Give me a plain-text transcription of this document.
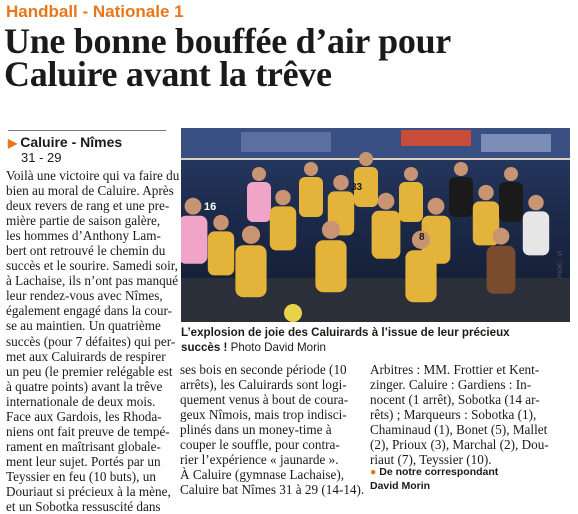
Handball - Nationale 1
Une bonne bouffée d’air pour
Caluire avant la trêve
▶ Caluire - Nîmes
31 - 29
Voilà une victoire qui va faire du
bien au moral de Caluire. Après
deux revers de rang et une pre-
mière partie de saison galère,
les hommes d’Anthony Lam-
bert ont retrouvé le chemin du
succès et le sourire. Samedi soir,
à Lachaise, ils n’ont pas manqué
leur rendez-vous avec Nîmes,
également engagé dans la cour-
se au maintien. Un quatrième
succès (pour 7 défaites) qui per-
met aux Caluirards de respirer
un peu (le premier relégable est
à quatre points) avant la trêve
internationale de deux mois.
Face aux Gardois, les Rhoda-
niens ont fait preuve de tempé-
rament en maîtrisant globale-
ment leur sujet. Portés par un
Teyssier en feu (10 buts), un
Douriaut si précieux à la mène,
et un Sobotka ressuscité dans
16
33
8
RIOKI - VI
L’explosion de joie des Caluirards à l’issue de leur précieux
succès ! Photo David Morin
ses bois en seconde période (10
arrêts), les Caluirards sont logi-
quement venus à bout de coura-
geux Nîmois, mais trop indisci-
plinés dans un money-time à
couper le souffle, pour contra-
rier l’expérience « jaunarde ».
À Caluire (gymnase Lachaise),
Caluire bat Nîmes 31 à 29 (14-14).
Arbitres : MM. Frottier et Kent-
zinger. Caluire : Gardiens : In-
nocent (1 arrêt), Sobotka (14 ar-
rêts) ; Marqueurs : Sobotka (1),
Chaminaud (1), Bonet (5), Mallet
(2), Prioux (3), Marchal (2), Dou-
riaut (7), Teyssier (10).
● De notre correspondant
David Morin
